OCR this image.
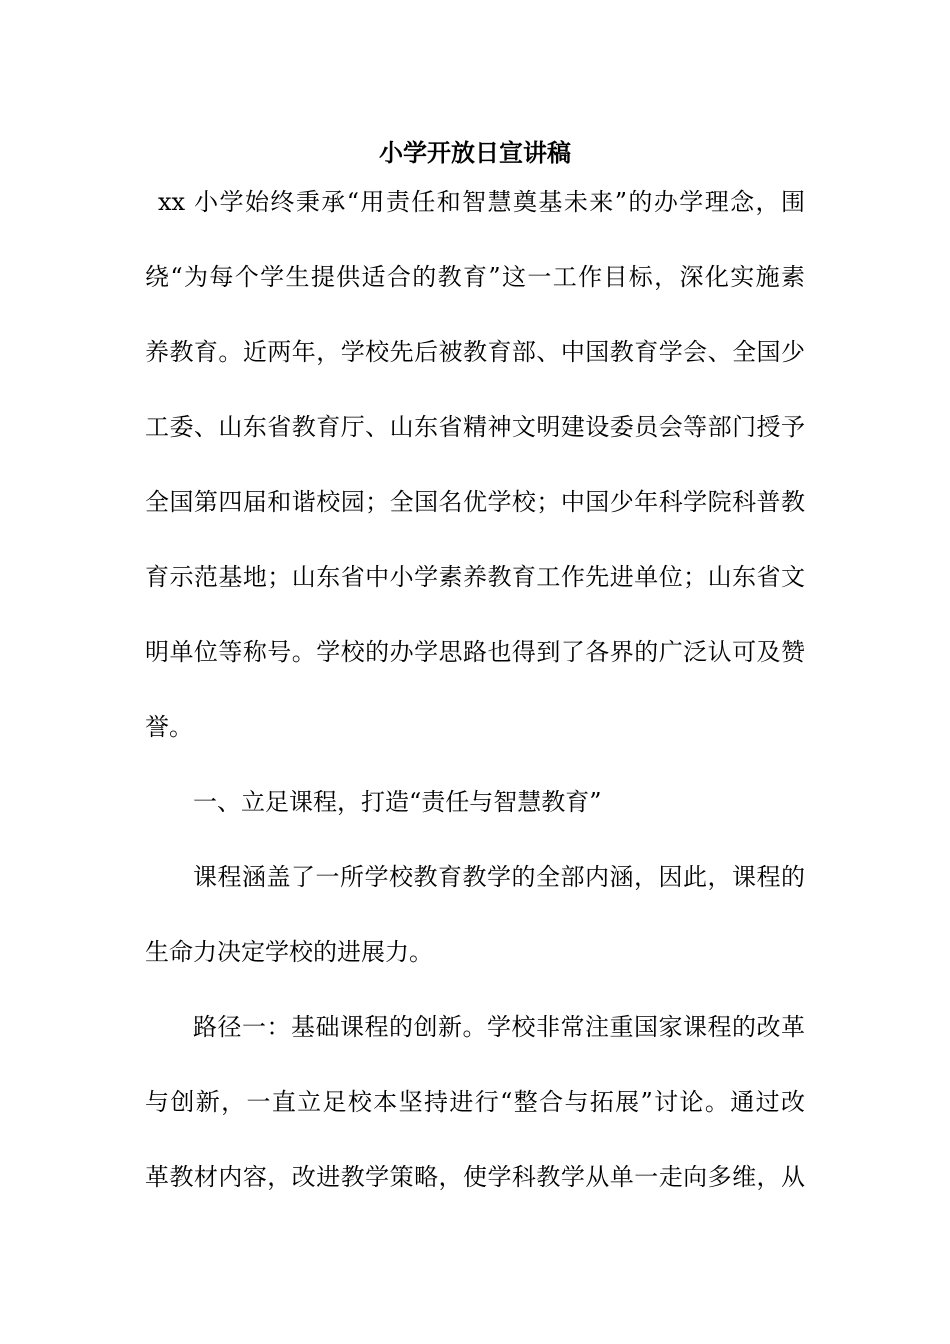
小学开放日宣讲稿

xx 小学始终秉承“用责任和智慧奠基未来”的办学理念，围

绕“为每个学生提供适合的教育”这一工作目标，深化实施素

养教育。近两年，学校先后被教育部、中国教育学会、全国少

工委、山东省教育厅、山东省精神文明建设委员会等部门授予

全国第四届和谐校园；全国名优学校；中国少年科学院科普教

育示范基地；山东省中小学素养教育工作先进单位；山东省文

明单位等称号。学校的办学思路也得到了各界的广泛认可及赞

誉。

一、立足课程，打造“责任与智慧教育”

课程涵盖了一所学校教育教学的全部内涵，因此，课程的

生命力决定学校的进展力。

路径一：基础课程的创新。学校非常注重国家课程的改革

与创新，一直立足校本坚持进行“整合与拓展”讨论。通过改

革教材内容，改进教学策略，使学科教学从单一走向多维，从
